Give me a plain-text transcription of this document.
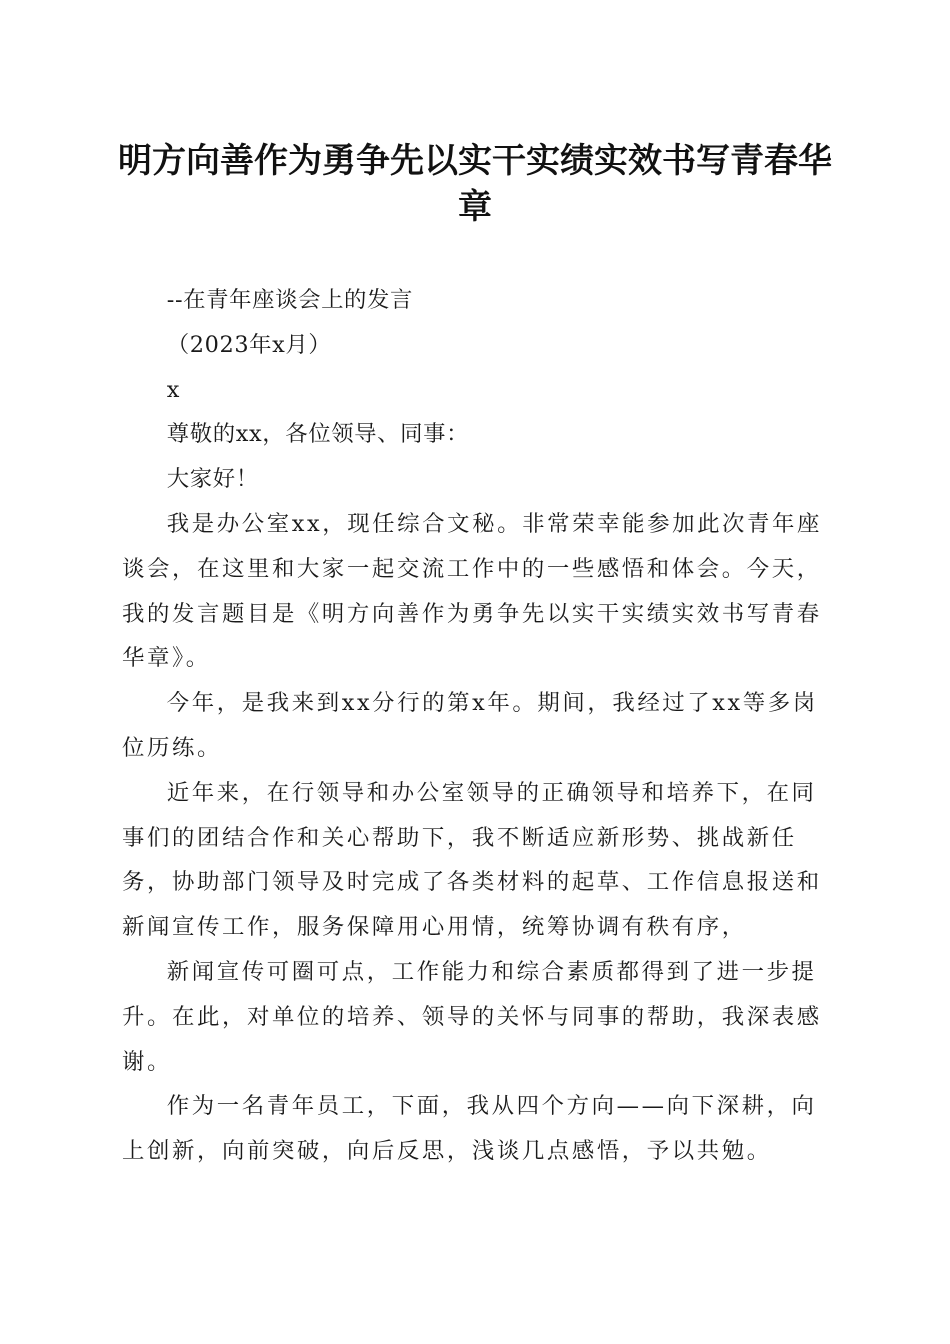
明方向善作为勇争先以实干实绩实效书写青春华章

--在青年座谈会上的发言

（2023年x月）

x

尊敬的xx，各位领导、同事：

大家好！

我是办公室xx，现任综合文秘。非常荣幸能参加此次青年座谈会，在这里和大家一起交流工作中的一些感悟和体会。今天，我的发言题目是《明方向善作为勇争先以实干实绩实效书写青春华章》。

今年，是我来到xx分行的第x年。期间，我经过了xx等多岗位历练。

近年来，在行领导和办公室领导的正确领导和培养下，在同事们的团结合作和关心帮助下，我不断适应新形势、挑战新任务，协助部门领导及时完成了各类材料的起草、工作信息报送和新闻宣传工作，服务保障用心用情，统筹协调有秩有序，

新闻宣传可圈可点，工作能力和综合素质都得到了进一步提升。在此，对单位的培养、领导的关怀与同事的帮助，我深表感谢。

作为一名青年员工，下面，我从四个方向——向下深耕，向上创新，向前突破，向后反思，浅谈几点感悟，予以共勉。
